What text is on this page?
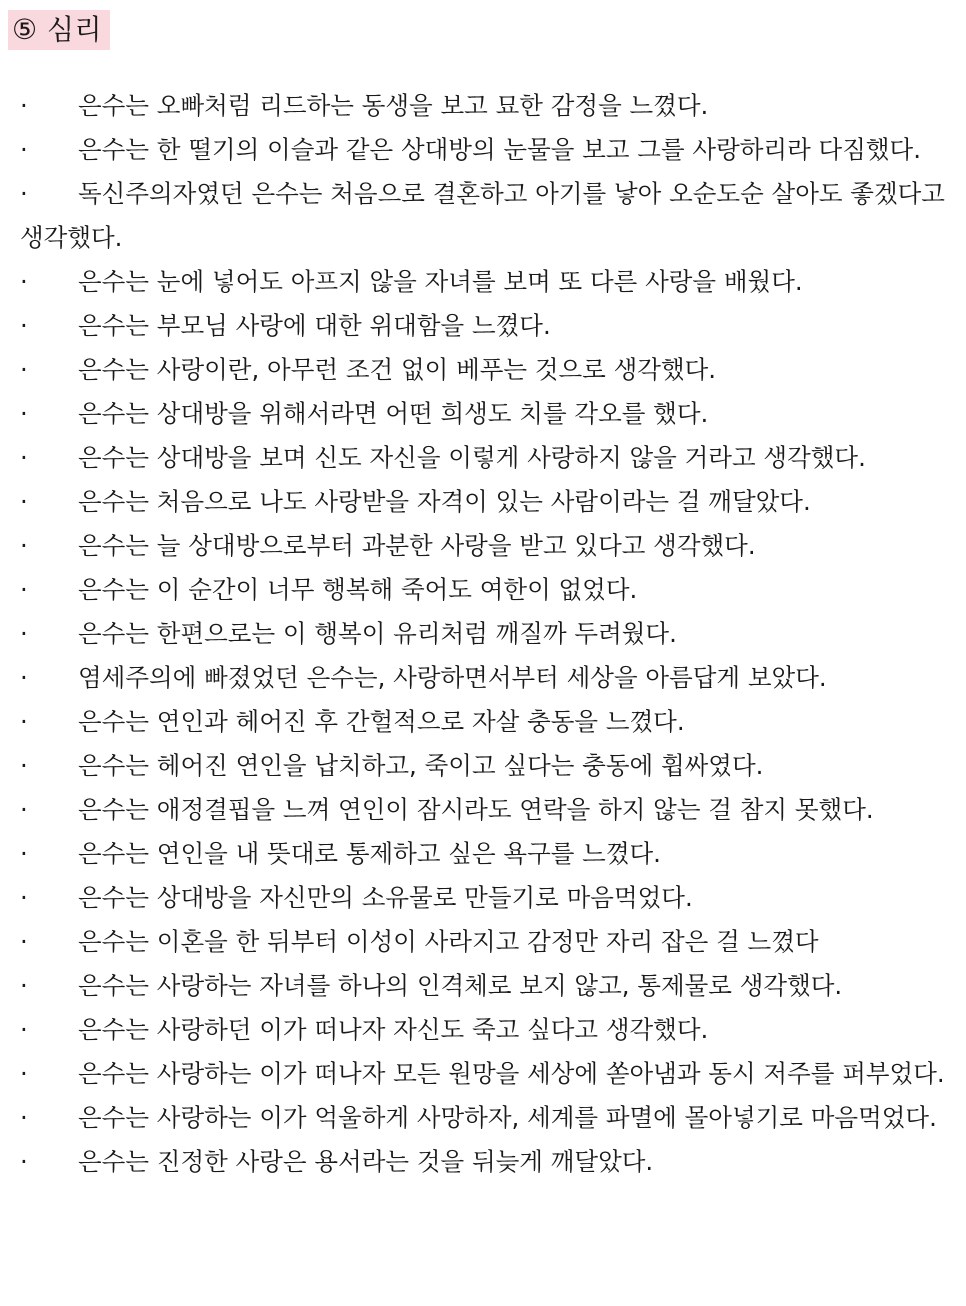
⑤ 심리
·	은수는 오빠처럼 리드하는 동생을 보고 묘한 감정을 느꼈다.
·	은수는 한 떨기의 이슬과 같은 상대방의 눈물을 보고 그를 사랑하리라 다짐했다.
·	독신주의자였던 은수는 처음으로 결혼하고 아기를 낳아 오순도순 살아도 좋겠다고 생각했다.
·	은수는 눈에 넣어도 아프지 않을 자녀를 보며 또 다른 사랑을 배웠다.
·	은수는 부모님 사랑에 대한 위대함을 느꼈다.
·	은수는 사랑이란, 아무런 조건 없이 베푸는 것으로 생각했다.
·	은수는 상대방을 위해서라면 어떤 희생도 치를 각오를 했다.
·	은수는 상대방을 보며 신도 자신을 이렇게 사랑하지 않을 거라고 생각했다.
·	은수는 처음으로 나도 사랑받을 자격이 있는 사람이라는 걸 깨달았다.
·	은수는 늘 상대방으로부터 과분한 사랑을 받고 있다고 생각했다.
·	은수는 이 순간이 너무 행복해 죽어도 여한이 없었다.
·	은수는 한편으로는 이 행복이 유리처럼 깨질까 두려웠다.
·	염세주의에 빠졌었던 은수는, 사랑하면서부터 세상을 아름답게 보았다.
·	은수는 연인과 헤어진 후 간헐적으로 자살 충동을 느꼈다.
·	은수는 헤어진 연인을 납치하고, 죽이고 싶다는 충동에 휩싸였다.
·	은수는 애정결핍을 느껴 연인이 잠시라도 연락을 하지 않는 걸 참지 못했다.
·	은수는 연인을 내 뜻대로 통제하고 싶은 욕구를 느꼈다.
·	은수는 상대방을 자신만의 소유물로 만들기로 마음먹었다.
·	은수는 이혼을 한 뒤부터 이성이 사라지고 감정만 자리 잡은 걸 느꼈다
·	은수는 사랑하는 자녀를 하나의 인격체로 보지 않고, 통제물로 생각했다.
·	은수는 사랑하던 이가 떠나자 자신도 죽고 싶다고 생각했다.
·	은수는 사랑하는 이가 떠나자 모든 원망을 세상에 쏟아냄과 동시 저주를 퍼부었다.
·	은수는 사랑하는 이가 억울하게 사망하자, 세계를 파멸에 몰아넣기로 마음먹었다.
·	은수는 진정한 사랑은 용서라는 것을 뒤늦게 깨달았다.
